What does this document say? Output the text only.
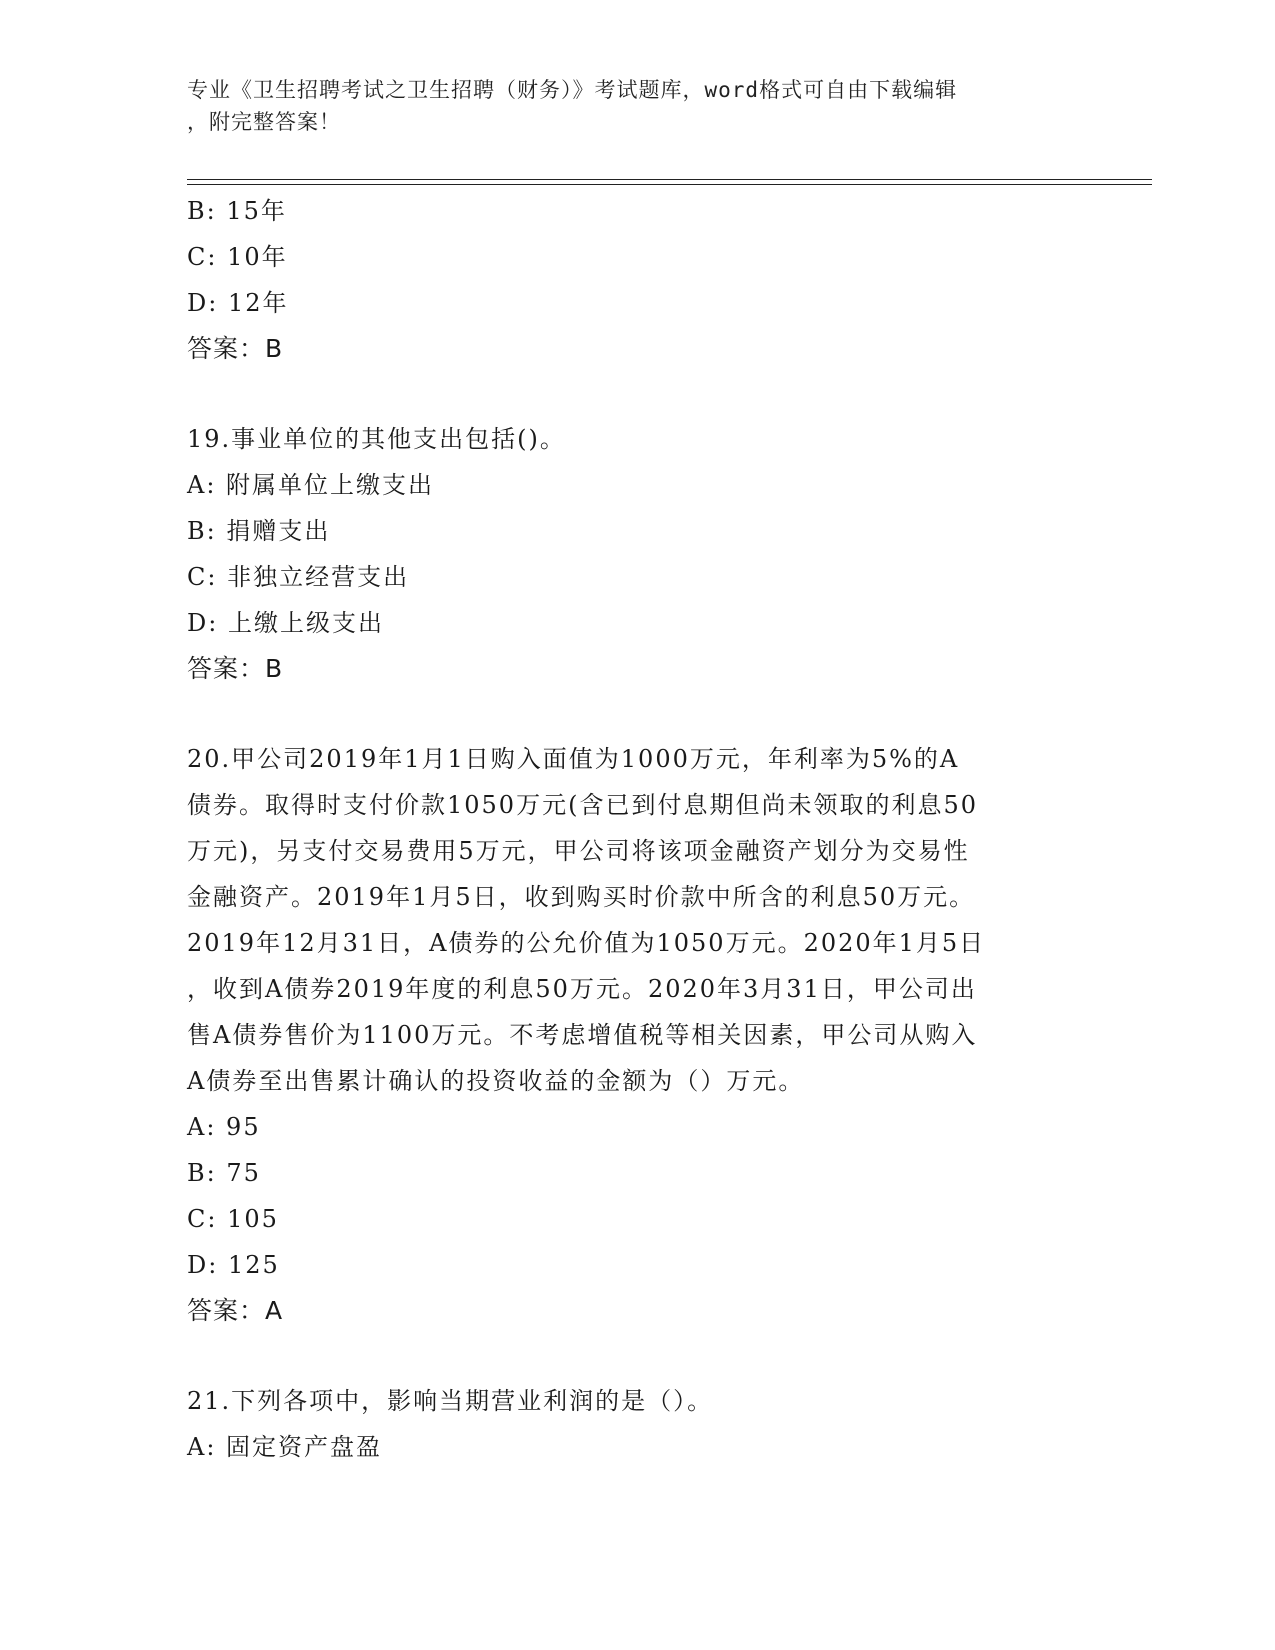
专业《卫生招聘考试之卫生招聘（财务）》考试题库，word格式可自由下载编辑
，附完整答案！
B: 15年
C: 10年
D: 12年
答案：B
19.事业单位的其他支出包括()。
A: 附属单位上缴支出
B: 捐赠支出
C: 非独立经营支出
D: 上缴上级支出
答案：B
20.甲公司2019年1月1日购入面值为1000万元，年利率为5%的A
债券。取得时支付价款1050万元(含已到付息期但尚未领取的利息50
万元)，另支付交易费用5万元，甲公司将该项金融资产划分为交易性
金融资产。2019年1月5日，收到购买时价款中所含的利息50万元。
2019年12月31日，A债券的公允价值为1050万元。2020年1月5日
，收到A债券2019年度的利息50万元。2020年3月31日，甲公司出
售A债券售价为1100万元。不考虑增值税等相关因素，甲公司从购入
A债券至出售累计确认的投资收益的金额为（）万元。
A: 95
B: 75
C: 105
D: 125
答案：A
21.下列各项中，影响当期营业利润的是（）。
A: 固定资产盘盈
